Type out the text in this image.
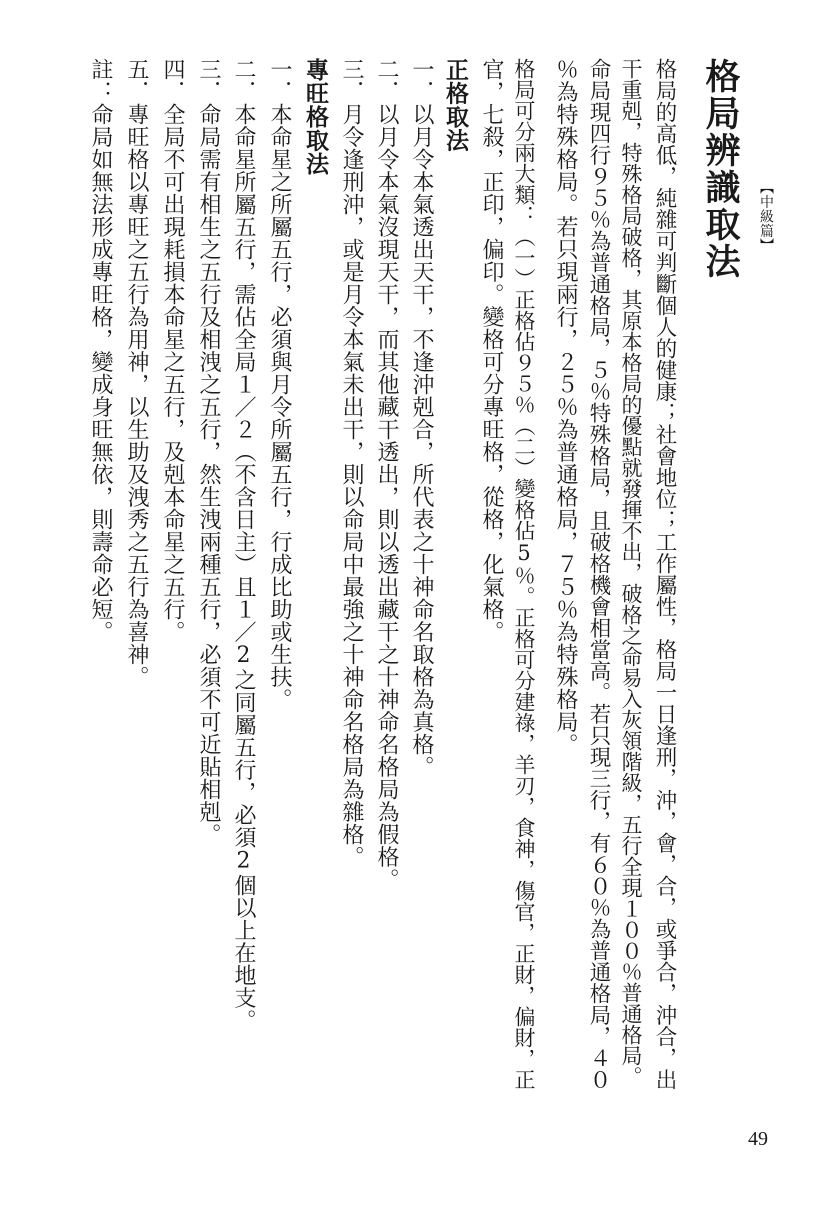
【中級篇】
格局辨識取法
格局的高低，純雜可判斷個人的健康；社會地位；工作屬性，格局一日逢刑，沖，會，合，或爭合，沖合，出
干重剋，特殊格局破格，其原本格局的優點就發揮不出，破格之命易入灰領階級，五行全現１００％普通格局。
命局現四行９５％為普通格局，５％特殊格局，且破格機會相當高。若只現三行，有６０％為普通格局，４０
％為特殊格局。若只現兩行，２５％為普通格局，７５％為特殊格局。
格局可分兩大類：（一）正格佔９５％（二）變格佔5％。正格可分建祿，羊刃，食神，傷官，正財，偏財，正
官，七殺，正印，偏印。變格可分專旺格，從格，化氣格。
正格取法
一．以月令本氣透出天干，不逢沖剋合，所代表之十神命名取格為真格。
二．以月令本氣沒現天干，而其他藏干透出，則以透出藏干之十神命名格局為假格。
三．月令逢刑沖，或是月令本氣未出干，則以命局中最強之十神命名格局為雜格。
專旺格取法
一．本命星之所屬五行，必須與月令所屬五行，行成比助或生扶。
二．本命星所屬五行，需佔全局１／２（不含日主）且１／2之同屬五行，必須2個以上在地支。
三．命局需有相生之五行及相洩之五行，然生洩兩種五行，必須不可近貼相剋。
四．全局不可出現耗損本命星之五行，及剋本命星之五行。
五．專旺格以專旺之五行為用神，以生助及洩秀之五行為喜神。
註：命局如無法形成專旺格，變成身旺無依，則壽命必短。
49
